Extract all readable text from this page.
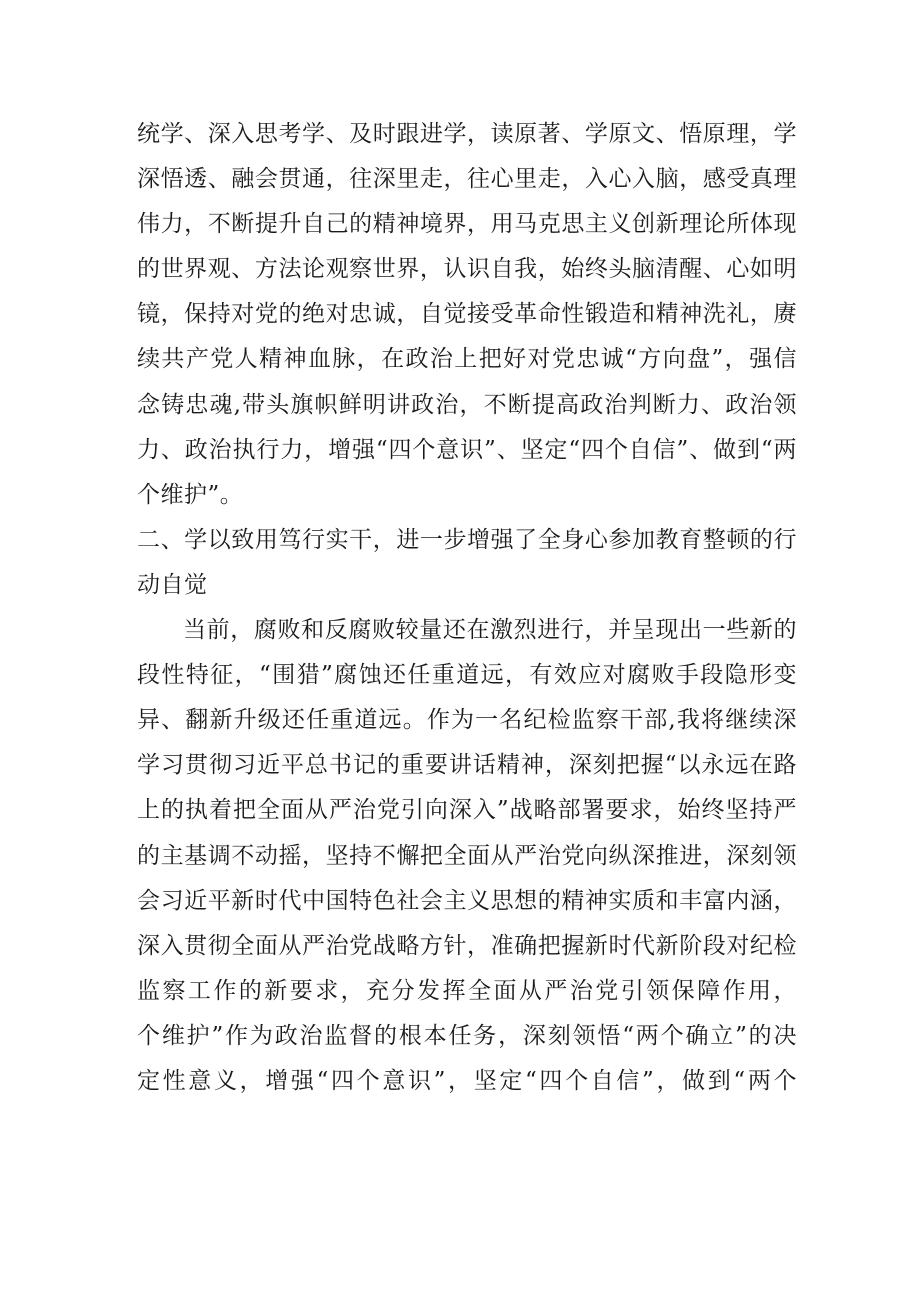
统学、深入思考学、及时跟进学，读原著、学原文、悟原理，学
深悟透、融会贯通，往深里走，往心里走，入心入脑，感受真理
伟力，不断提升自己的精神境界，用马克思主义创新理论所体现
的世界观、方法论观察世界，认识自我，始终头脑清醒、心如明
镜，保持对党的绝对忠诚，自觉接受革命性锻造和精神洗礼，赓
续共产党人精神血脉，在政治上把好对党忠诚“方向盘”，强信
念铸忠魂,带头旗帜鲜明讲政治，不断提高政治判断力、政治领
力、政治执行力，增强“四个意识”、坚定“四个自信”、做到“两
个维护”。
二、学以致用笃行实干，进一步增强了全身心参加教育整顿的行
动自觉
当前，腐败和反腐败较量还在激烈进行，并呈现出一些新的
段性特征，“围猎”腐蚀还任重道远，有效应对腐败手段隐形变
异、翻新升级还任重道远。作为一名纪检监察干部,我将继续深
学习贯彻习近平总书记的重要讲话精神，深刻把握“以永远在路
上的执着把全面从严治党引向深入”战略部署要求，始终坚持严
的主基调不动摇，坚持不懈把全面从严治党向纵深推进，深刻领
会习近平新时代中国特色社会主义思想的精神实质和丰富内涵，
深入贯彻全面从严治党战略方针，准确把握新时代新阶段对纪检
监察工作的新要求，充分发挥全面从严治党引领保障作用，
个维护”作为政治监督的根本任务，深刻领悟“两个确立”的决
定性意义，增强“四个意识”，坚定“四个自信”，做到“两个
